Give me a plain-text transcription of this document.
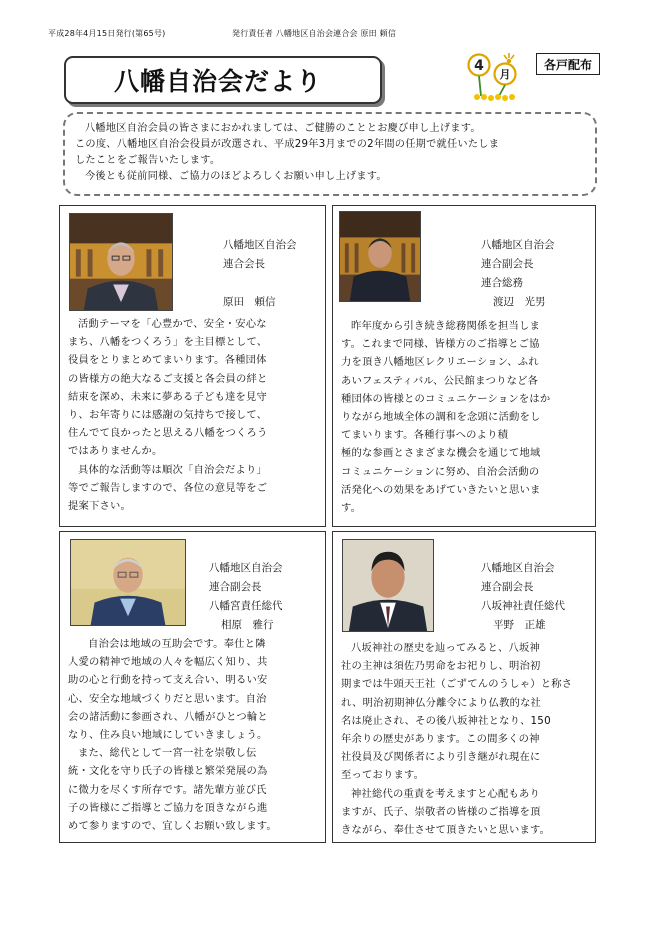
平成28年4月15日発行(第65号)	発行責任者 八幡地区自治会連合会 原田 頼信
八幡自治会だより
4
月
各戸配布

八幡地区自治会員の皆さまにおかれましては、ご健勝のこととお慶び申し上げます。

この度、八幡地区自治会役員が改選され、平成29年3月までの2年間の任期で就任いたしま

したことをご報告いたします。

今後とも従前同様、ご協力のほどよろしくお願い申し上げます。

八幡地区自治会
連合会長

原田　頼信

活動テーマを「心豊かで、安全・安心な

まち、八幡をつくろう」を主目標として、

役員をとりまとめてまいります。各種団体

の皆様方の絶大なるご支援と各会員の絆と

結束を深め、未来に夢ある子ども達を見守

り、お年寄りには感謝の気持ちで接して、

住んでて良かったと思える八幡をつくろう

ではありませんか。

具体的な活動等は順次「自治会だより」

等でご報告しますので、各位の意見等をご

提案下さい。

八幡地区自治会
連合副会長
連合総務
渡辺　光男

昨年度から引き続き総務関係を担当しま

す。これまで同様、皆様方のご指導とご協

力を頂き八幡地区レクリエーション、ふれ

あいフェスティバル、公民館まつりなど各

種団体の皆様とのコミュニケーションをはか

りながら地域全体の調和を念頭に活動をし

てまいります。各種行事へのより積

極的な参画とさまざまな機会を通じて地域

コミュニケーションに努め、自治会活動の

活発化への効果をあげていきたいと思いま

す。

八幡地区自治会
連合副会長
八幡宮責任総代
相原　雅行

自治会は地域の互助会です。奉仕と隣

人愛の精神で地域の人々を幅広く知り、共

助の心と行動を持って支え合い、明るい安

心、安全な地域づくりだと思います。自治

会の諸活動に参画され、八幡がひとつ輪と

なり、住み良い地域にしていきましょう。

また、総代として一宮一社を崇敬し伝

統・文化を守り氏子の皆様と繁栄発展の為

に微力を尽くす所存です。諸先輩方並び氏

子の皆様にご指導とご協力を頂きながら進

めて参りますので、宜しくお願い致します。

八幡地区自治会
連合副会長
八坂神社責任総代
平野　正雄

八坂神社の歴史を辿ってみると、八坂神

社の主神は須佐乃男命をお祀りし、明治初

期までは牛頭天王社（ごずてんのうしゃ）と称さ

れ、明治初期神仏分離令により仏教的な社

名は廃止され、その後八坂神社となり、150

年余りの歴史があります。この間多くの神

社役員及び関係者により引き継がれ現在に

至っております。

神社総代の重責を考えますと心配もあり

ますが、氏子、崇敬者の皆様のご指導を頂

きながら、奉仕させて頂きたいと思います。
